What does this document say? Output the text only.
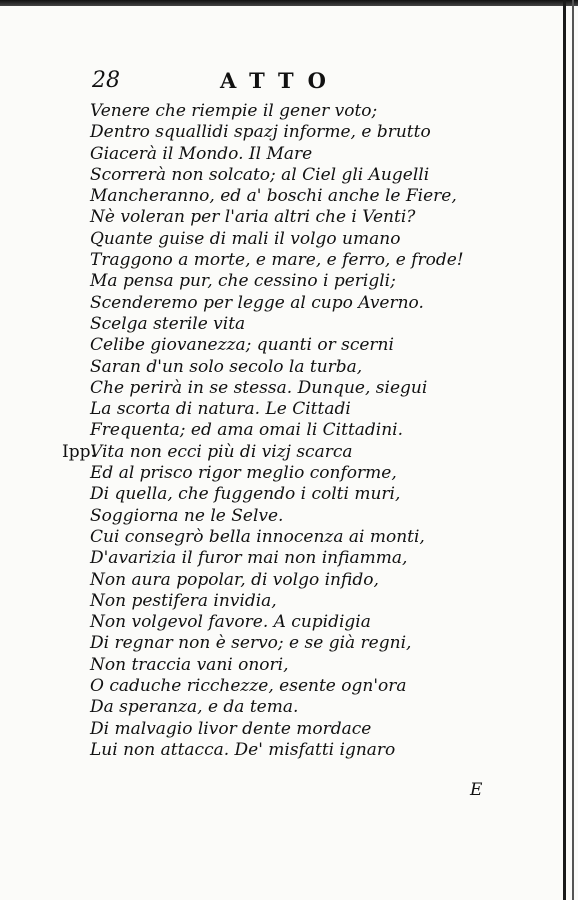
28	ATTO
Venere che riempie il gener voto;
Dentro squallidi spazj informe, e brutto
Giacerà il Mondo. Il Mare
Scorrerà non solcato; al Ciel gli Augelli
Mancheranno, ed a' boschi anche le Fiere,
Nè voleran per l'aria altri che i Venti?
Quante guise di mali il volgo umano
Traggono a morte, e mare, e ferro, e frode!
Ma pensa pur, che cessino i perigli;
Scenderemo per legge al cupo Averno.
Scelga sterile vita
Celibe giovanezza; quanti or scerni
Saran d'un solo secolo la turba,
Che perirà in se stessa. Dunque, siegui
La scorta di natura. Le Cittadi
Frequenta; ed ama omai li Cittadini.
Ipp.
Vita non ecci più di vizj scarca
Ed al prisco rigor meglio conforme,
Di quella, che fuggendo i colti muri,
Soggiorna ne le Selve.
Cui consegrò bella innocenza ai monti,
D'avarizia il furor mai non infiamma,
Non aura popolar, di volgo infido,
Non pestifera invidia,
Non volgevol favore. A cupidigia
Di regnar non è servo; e se già regni,
Non traccia vani onori,
O caduche ricchezze, esente ogn'ora
Da speranza, e da tema.
Di malvagio livor dente mordace
Lui non attacca. De' misfatti ignaro
E
